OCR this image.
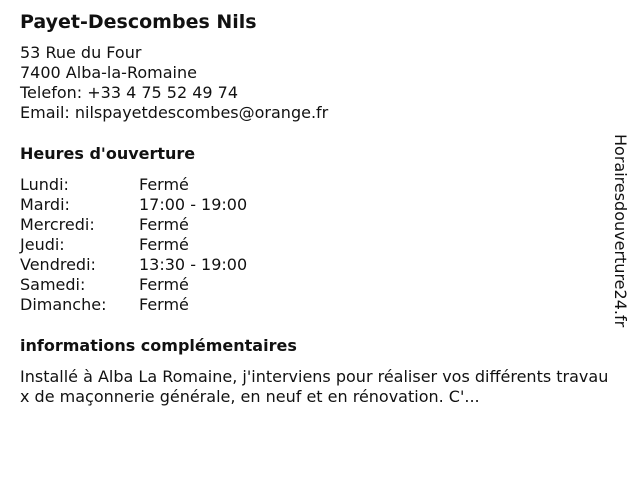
Payet-Descombes Nils
53 Rue du Four
7400 Alba-la-Romaine
Telefon: +33 4 75 52 49 74
Email: nilspayetdescombes@orange.fr
Heures d'ouverture
Lundi:	Fermé
Mardi:	17:00 - 19:00
Mercredi:	Fermé
Jeudi:	Fermé
Vendredi:	13:30 - 19:00
Samedi:	Fermé
Dimanche:	Fermé
informations complémentaires
Installé à Alba La Romaine, j'interviens pour réaliser vos différents travaux de maçonnerie générale, en neuf et en rénovation. C'...
Horairesdouverture24.fr
